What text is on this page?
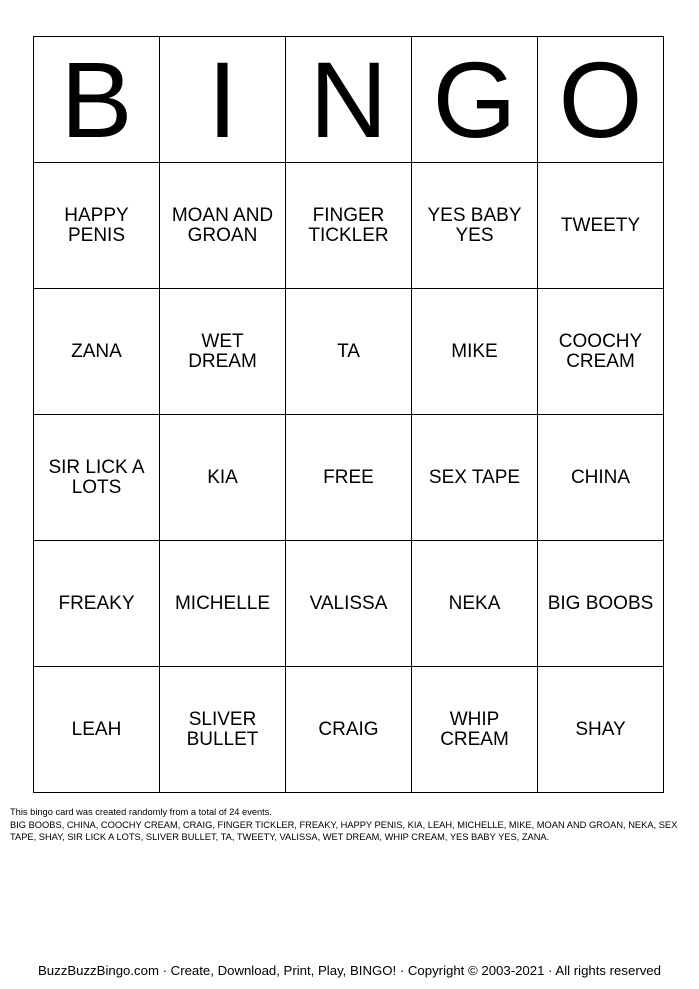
B	I	N	G	O
HAPPY PENIS	MOAN AND GROAN	FINGER TICKLER	YES BABY YES	TWEETY
ZANA	WET DREAM	TA	MIKE	COOCHY CREAM
SIR LICK A LOTS	KIA	FREE	SEX TAPE	CHINA
FREAKY	MICHELLE	VALISSA	NEKA	BIG BOOBS
LEAH	SLIVER BULLET	CRAIG	WHIP CREAM	SHAY

This bingo card was created randomly from a total of 24 events.

BIG BOOBS, CHINA, COOCHY CREAM, CRAIG, FINGER TICKLER, FREAKY, HAPPY PENIS, KIA, LEAH, MICHELLE, MIKE, MOAN AND GROAN, NEKA, SEX TAPE, SHAY, SIR LICK A LOTS, SLIVER BULLET, TA, TWEETY, VALISSA, WET DREAM, WHIP CREAM, YES BABY YES, ZANA.

BuzzBuzzBingo.com · Create, Download, Print, Play, BINGO! · Copyright © 2003-2021 · All rights reserved
